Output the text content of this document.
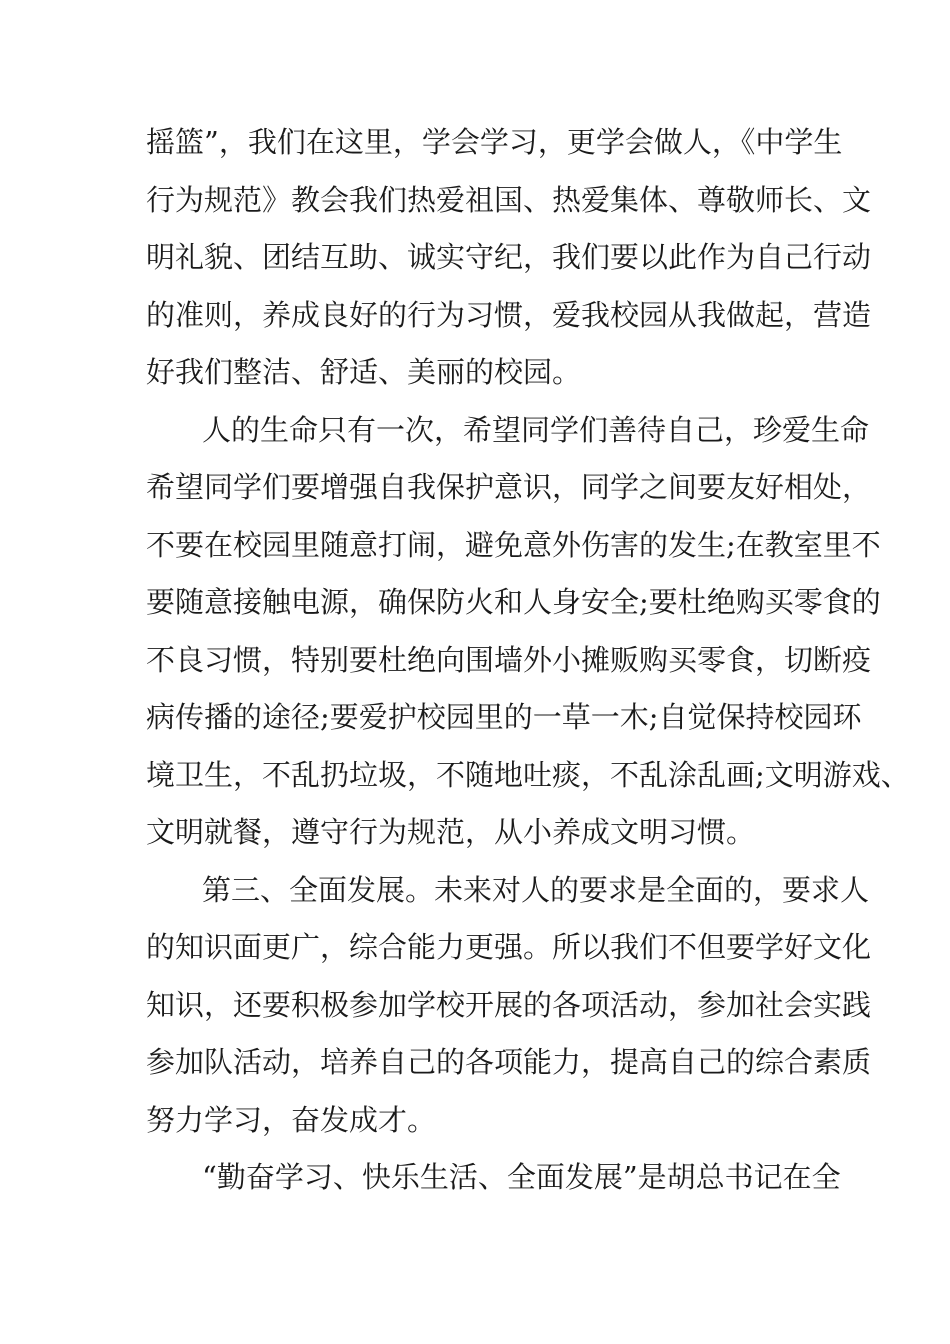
摇篮”，我们在这里，学会学习，更学会做人，《中学生
行为规范》教会我们热爱祖国、热爱集体、尊敬师长、文
明礼貌、团结互助、诚实守纪，我们要以此作为自己行动
的准则，养成良好的行为习惯，爱我校园从我做起，营造
好我们整洁、舒适、美丽的校园。
人的生命只有一次，希望同学们善待自己，珍爱生命
希望同学们要增强自我保护意识，同学之间要友好相处，
不要在校园里随意打闹，避免意外伤害的发生;在教室里不
要随意接触电源，确保防火和人身安全;要杜绝购买零食的
不良习惯，特别要杜绝向围墙外小摊贩购买零食，切断疫
病传播的途径;要爱护校园里的一草一木;自觉保持校园环
境卫生，不乱扔垃圾，不随地吐痰，不乱涂乱画;文明游戏、
文明就餐，遵守行为规范，从小养成文明习惯。
第三、全面发展。未来对人的要求是全面的，要求人
的知识面更广，综合能力更强。所以我们不但要学好文化
知识，还要积极参加学校开展的各项活动，参加社会实践
参加队活动，培养自己的各项能力，提高自己的综合素质
努力学习，奋发成才。
“勤奋学习、快乐生活、全面发展”是胡总书记在全
